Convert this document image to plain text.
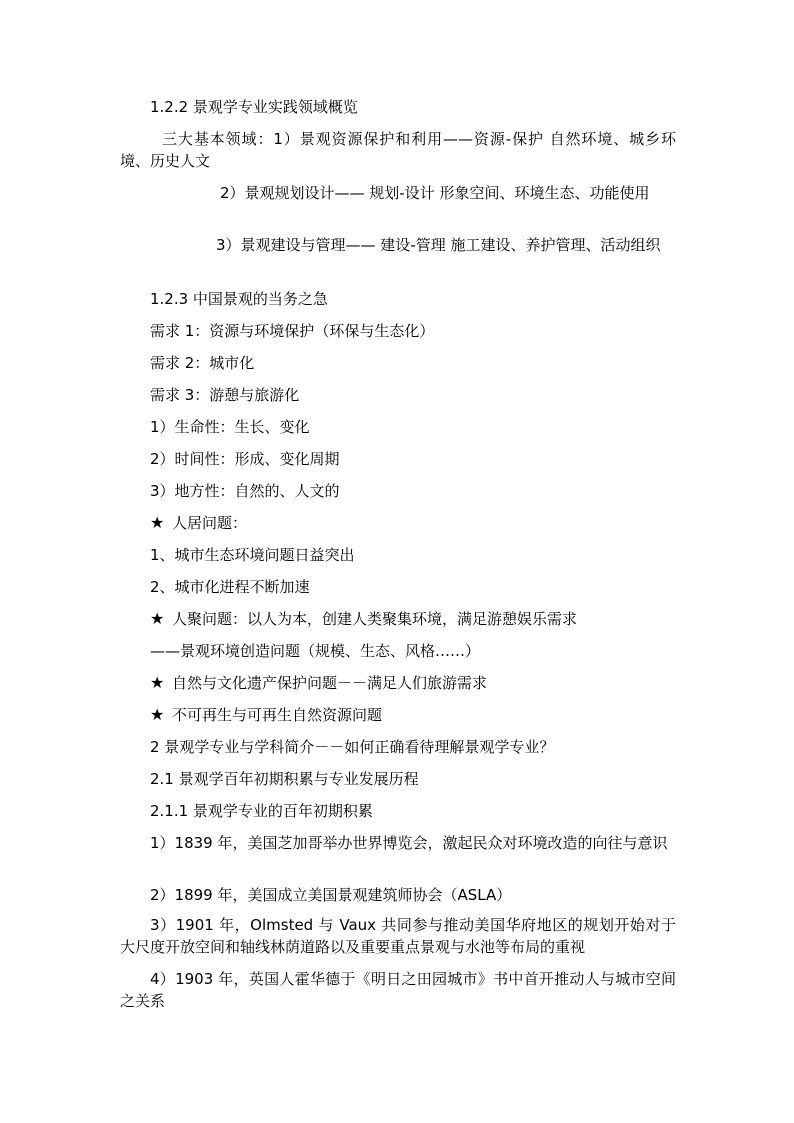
1.2.2 景观学专业实践领域概览
三大基本领域：1）景观资源保护和利用——资源-保护 自然环境、城乡环境、历史人文
2）景观规划设计—— 规划-设计 形象空间、环境生态、功能使用
3）景观建设与管理—— 建设-管理 施工建设、养护管理、活动组织
1.2.3 中国景观的当务之急
需求 1：资源与环境保护（环保与生态化）
需求 2：城市化
需求 3：游憩与旅游化
1）生命性：生长、变化
2）时间性：形成、变化周期
3）地方性：自然的、人文的
★ 人居问题：
1、城市生态环境问题日益突出
2、城市化进程不断加速
★ 人聚问题：以人为本，创建人类聚集环境，满足游憩娱乐需求
——景观环境创造问题（规模、生态、风格……）
★ 自然与文化遗产保护问题－－满足人们旅游需求
★ 不可再生与可再生自然资源问题
2 景观学专业与学科简介－－如何正确看待理解景观学专业？
2.1 景观学百年初期积累与专业发展历程
2.1.1 景观学专业的百年初期积累
1）1839 年，美国芝加哥举办世界博览会，激起民众对环境改造的向往与意识
2）1899 年，美国成立美国景观建筑师协会（ASLA）
3）1901 年，Olmsted 与 Vaux 共同参与推动美国华府地区的规划开始对于大尺度开放空间和轴线林荫道路以及重要重点景观与水池等布局的重视
4）1903 年，英国人霍华德于《明日之田园城市》书中首开推动人与城市空间之关系
